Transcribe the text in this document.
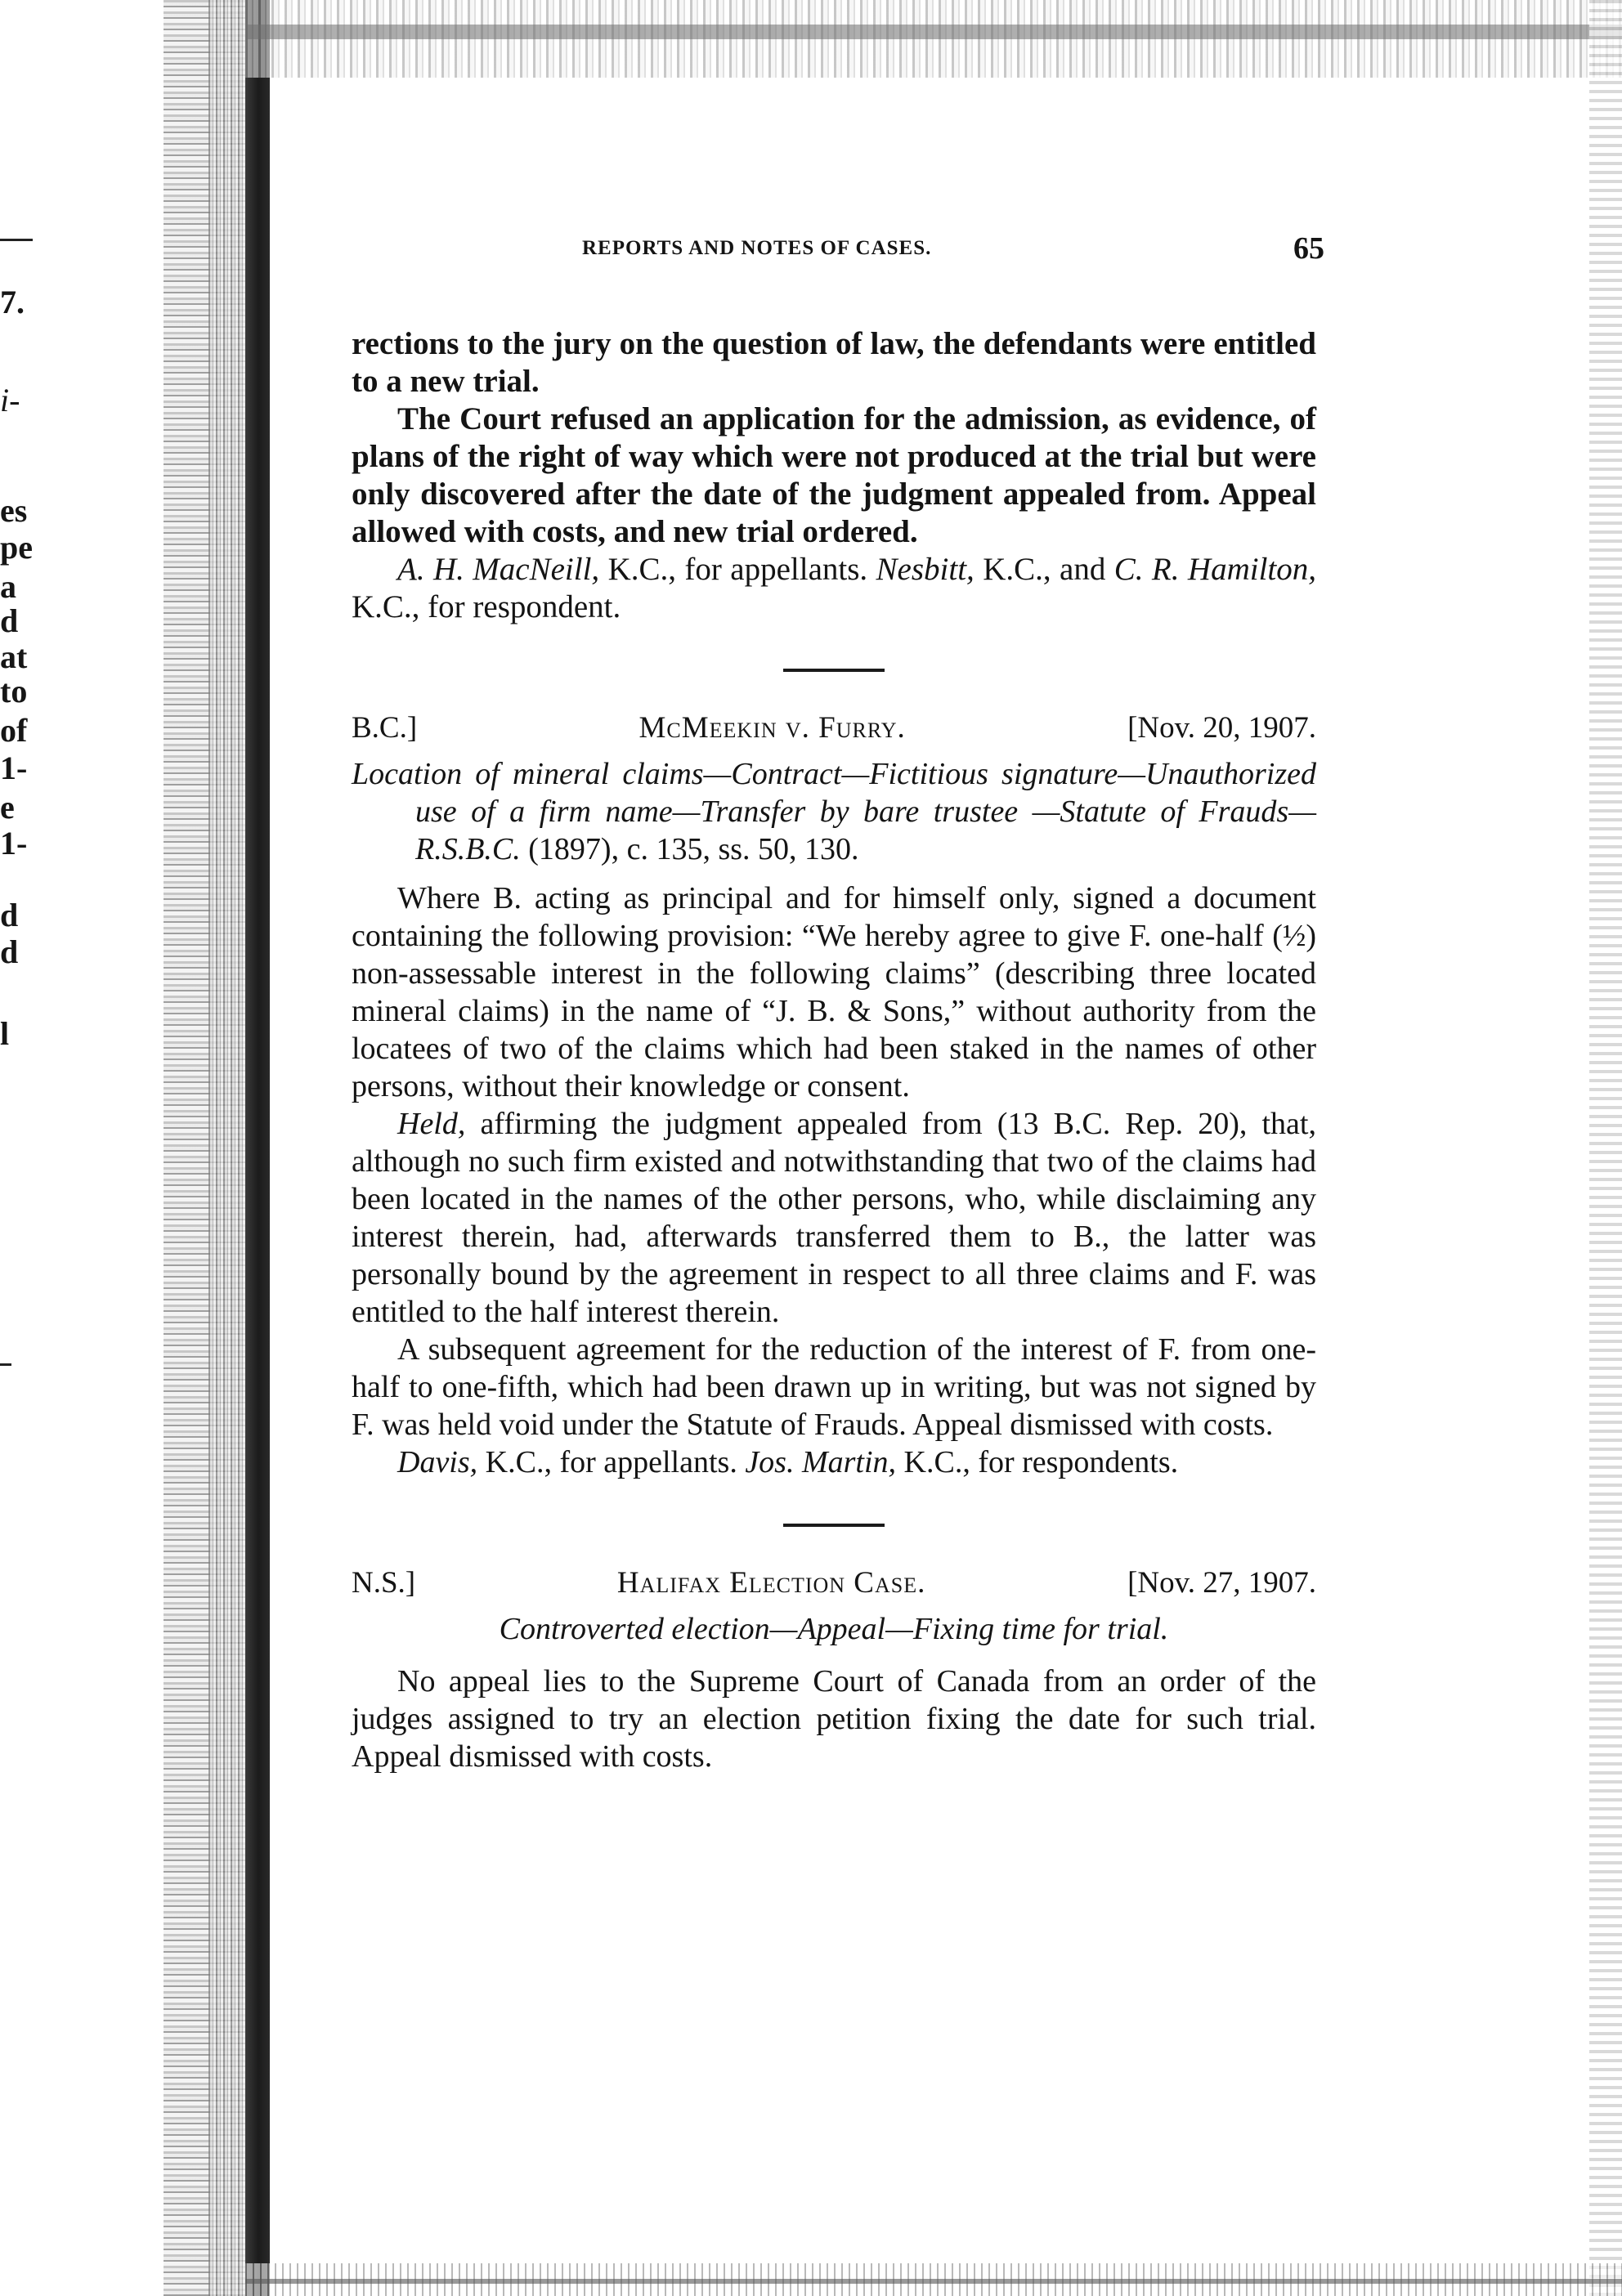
7.
i-
es
pe
a
d
at
to
of
1-
e
1-
d
d
l
REPORTS AND NOTES OF CASES.	65

rections to the jury on the question of law, the defendants were entitled to a new trial.

The Court refused an application for the admission, as evidence, of plans of the right of way which were not produced at the trial but were only discovered after the date of the judgment appealed from. Appeal allowed with costs, and new trial ordered.

A. H. MacNeill, K.C., for appellants. Nesbitt, K.C., and C. R. Hamilton, K.C., for respondent.

B.C.]	McMeekin v. Furry.	[Nov. 20, 1907.

Location of mineral claims—Contract—Fictitious signature—Unauthorized use of a firm name—Transfer by bare trustee —Statute of Frauds—R.S.B.C. (1897), c. 135, ss. 50, 130.

Where B. acting as principal and for himself only, signed a document containing the following provision: “We hereby agree to give F. one-half (½) non-assessable interest in the following claims” (describing three located mineral claims) in the name of “J. B. & Sons,” without authority from the locatees of two of the claims which had been staked in the names of other persons, without their knowledge or consent.

Held, affirming the judgment appealed from (13 B.C. Rep. 20), that, although no such firm existed and notwithstanding that two of the claims had been located in the names of the other persons, who, while disclaiming any interest therein, had, afterwards transferred them to B., the latter was personally bound by the agreement in respect to all three claims and F. was entitled to the half interest therein.

A subsequent agreement for the reduction of the interest of F. from one-half to one-fifth, which had been drawn up in writing, but was not signed by F. was held void under the Statute of Frauds. Appeal dismissed with costs.

Davis, K.C., for appellants. Jos. Martin, K.C., for respondents.

N.S.]	Halifax Election Case.	[Nov. 27, 1907.

Controverted election—Appeal—Fixing time for trial.

No appeal lies to the Supreme Court of Canada from an order of the judges assigned to try an election petition fixing the date for such trial. Appeal dismissed with costs.
